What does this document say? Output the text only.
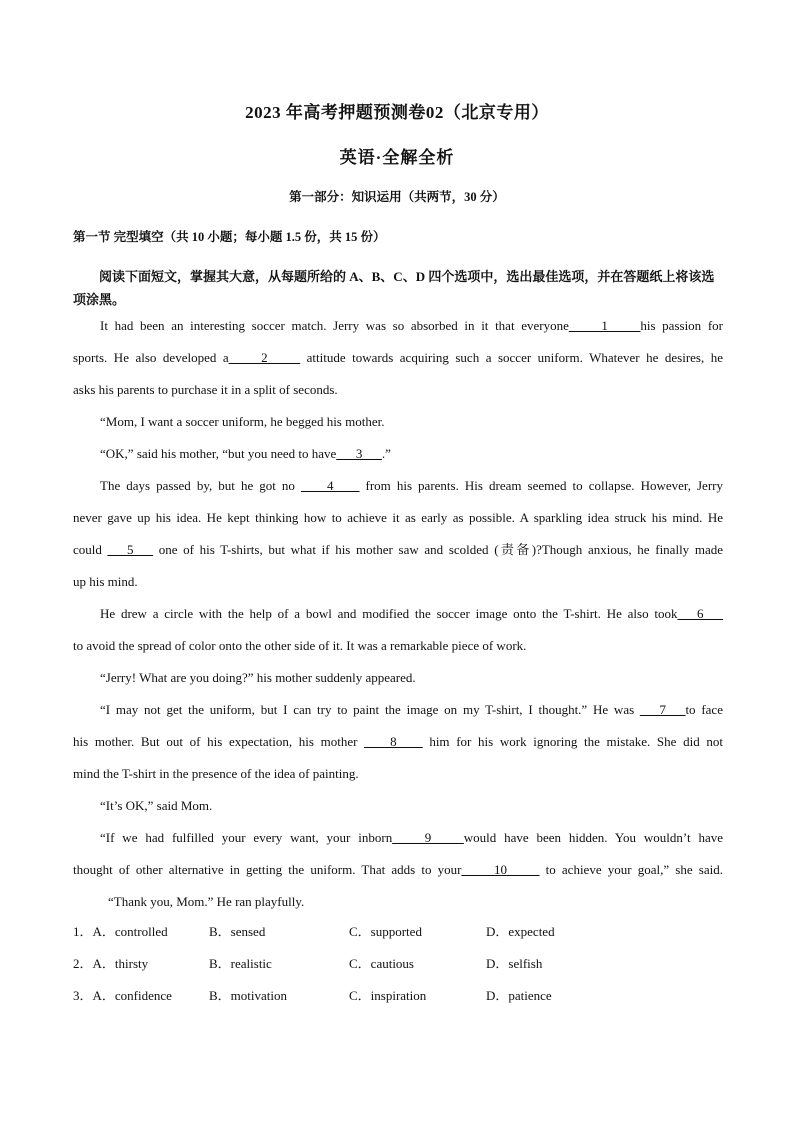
2023 年高考押题预测卷02（北京专用）
英语·全解全析
第一部分：知识运用（共两节，30 分）
第一节 完型填空（共 10 小题；每小题 1.5 份，共 15 份）
阅读下面短文，掌握其大意，从每题所给的 A、B、C、D 四个选项中，选出最佳选项，并在答题纸上将该选项涂黑。
It had been an interesting soccer match. Jerry was so absorbed in it that everyone_____1_____his passion for
sports. He also developed a_____2_____ attitude towards acquiring such a soccer uniform. Whatever he desires, he
asks his parents to purchase it in a split of seconds.
“Mom, I want a soccer uniform, he begged his mother.
“OK,” said his mother, “but you need to have___3___.”
The days passed by, but he got no ____4____ from his parents. His dream seemed to collapse. However, Jerry
never gave up his idea. He kept thinking how to achieve it as early as possible. A sparkling idea struck his mind. He
could ___5___ one of his T-shirts, but what if his mother saw and scolded (责备)?Though anxious, he finally made
up his mind.
He drew a circle with the help of a bowl and modified the soccer image onto the T-shirt. He also took___6___
to avoid the spread of color onto the other side of it. It was a remarkable piece of work.
“Jerry! What are you doing?” his mother suddenly appeared.
“I may not get the uniform, but I can try to paint the image on my T-shirt, I thought.” He was ___7___to face
his mother. But out of his expectation, his mother ____8____ him for his work ignoring the mistake. She did not
mind the T-shirt in the presence of the idea of painting.
“It’s OK,” said Mom.
“If we had fulfilled your every want, your inborn_____9_____would have been hidden. You wouldn’t have
thought of other alternative in getting the uniform. That adds to your_____10_____ to achieve your goal,” she said.
“Thank you, Mom.” He ran playfully.
1．A．controlled	B．sensed	C．supported	D．expected
2．A．thirsty	B．realistic	C．cautious	D．selfish
3．A．confidence	B．motivation	C．inspiration	D．patience
